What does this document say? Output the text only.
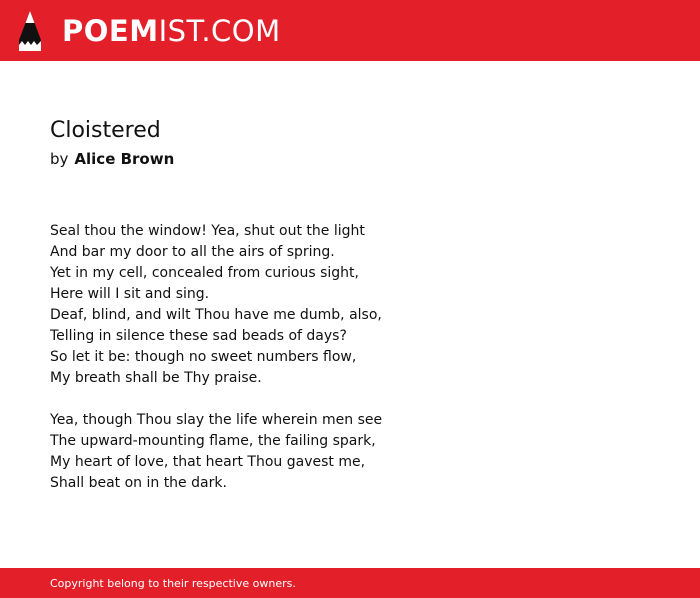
POEMIST.COM
Cloistered
by Alice Brown
Seal thou the window! Yea, shut out the light
And bar my door to all the airs of spring.
Yet in my cell, concealed from curious sight,
Here will I sit and sing.
Deaf, blind, and wilt Thou have me dumb, also,
Telling in silence these sad beads of days?
So let it be: though no sweet numbers flow,
My breath shall be Thy praise.
Yea, though Thou slay the life wherein men see
The upward-mounting flame, the failing spark,
My heart of love, that heart Thou gavest me,
Shall beat on in the dark.
Copyright belong to their respective owners.
